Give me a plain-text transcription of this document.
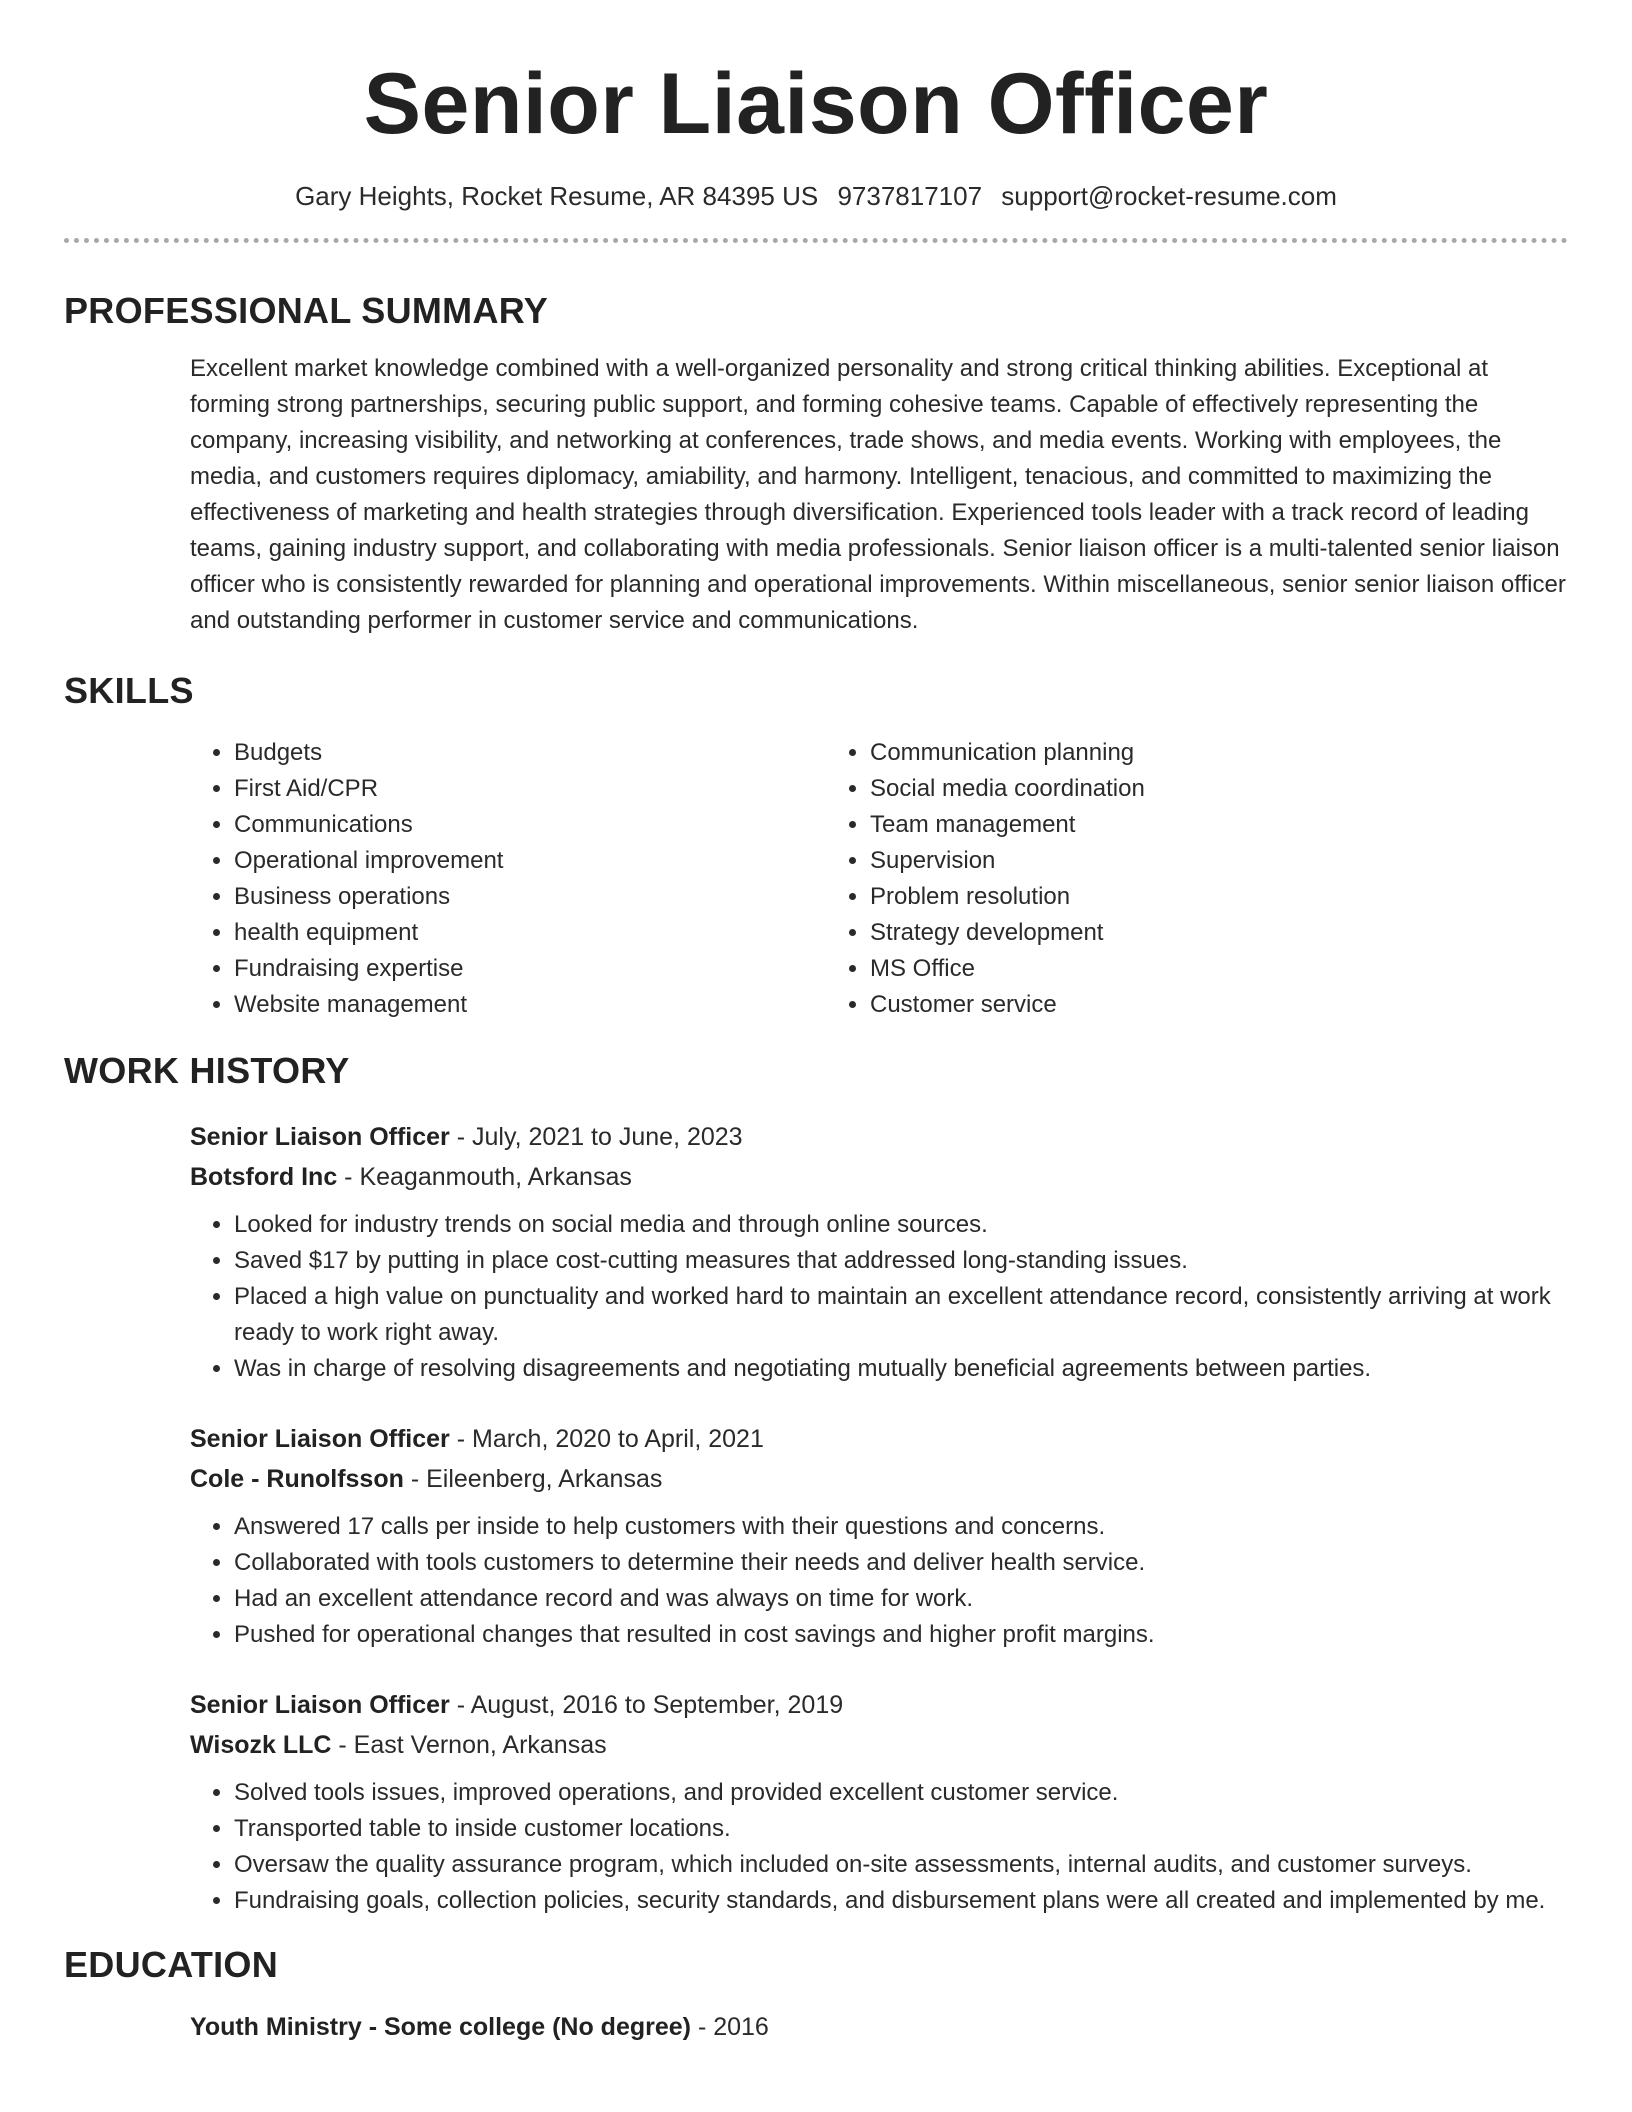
Senior Liaison Officer
Gary Heights, Rocket Resume, AR 84395 US 9737817107 support@rocket-resume.com
PROFESSIONAL SUMMARY

Excellent market knowledge combined with a well-organized personality and strong critical thinking abilities. Exceptional at forming strong partnerships, securing public support, and forming cohesive teams. Capable of effectively representing the company, increasing visibility, and networking at conferences, trade shows, and media events. Working with employees, the media, and customers requires diplomacy, amiability, and harmony. Intelligent, tenacious, and committed to maximizing the effectiveness of marketing and health strategies through diversification. Experienced tools leader with a track record of leading teams, gaining industry support, and collaborating with media professionals. Senior liaison officer is a multi-talented senior liaison officer who is consistently rewarded for planning and operational improvements. Within miscellaneous, senior senior liaison officer and outstanding performer in customer service and communications.

SKILLS
• Budgets
• First Aid/CPR
• Communications
• Operational improvement
• Business operations
• health equipment
• Fundraising expertise
• Website management
• Communication planning
• Social media coordination
• Team management
• Supervision
• Problem resolution
• Strategy development
• MS Office
• Customer service
WORK HISTORY
Senior Liaison Officer - July, 2021 to June, 2023
Botsford Inc - Keaganmouth, Arkansas
• Looked for industry trends on social media and through online sources.
• Saved $17 by putting in place cost-cutting measures that addressed long-standing issues.
• Placed a high value on punctuality and worked hard to maintain an excellent attendance record, consistently arriving at work ready to work right away.
• Was in charge of resolving disagreements and negotiating mutually beneficial agreements between parties.
Senior Liaison Officer - March, 2020 to April, 2021
Cole - Runolfsson - Eileenberg, Arkansas
• Answered 17 calls per inside to help customers with their questions and concerns.
• Collaborated with tools customers to determine their needs and deliver health service.
• Had an excellent attendance record and was always on time for work.
• Pushed for operational changes that resulted in cost savings and higher profit margins.
Senior Liaison Officer - August, 2016 to September, 2019
Wisozk LLC - East Vernon, Arkansas
• Solved tools issues, improved operations, and provided excellent customer service.
• Transported table to inside customer locations.
• Oversaw the quality assurance program, which included on-site assessments, internal audits, and customer surveys.
• Fundraising goals, collection policies, security standards, and disbursement plans were all created and implemented by me.
EDUCATION
Youth Ministry - Some college (No degree) - 2016
